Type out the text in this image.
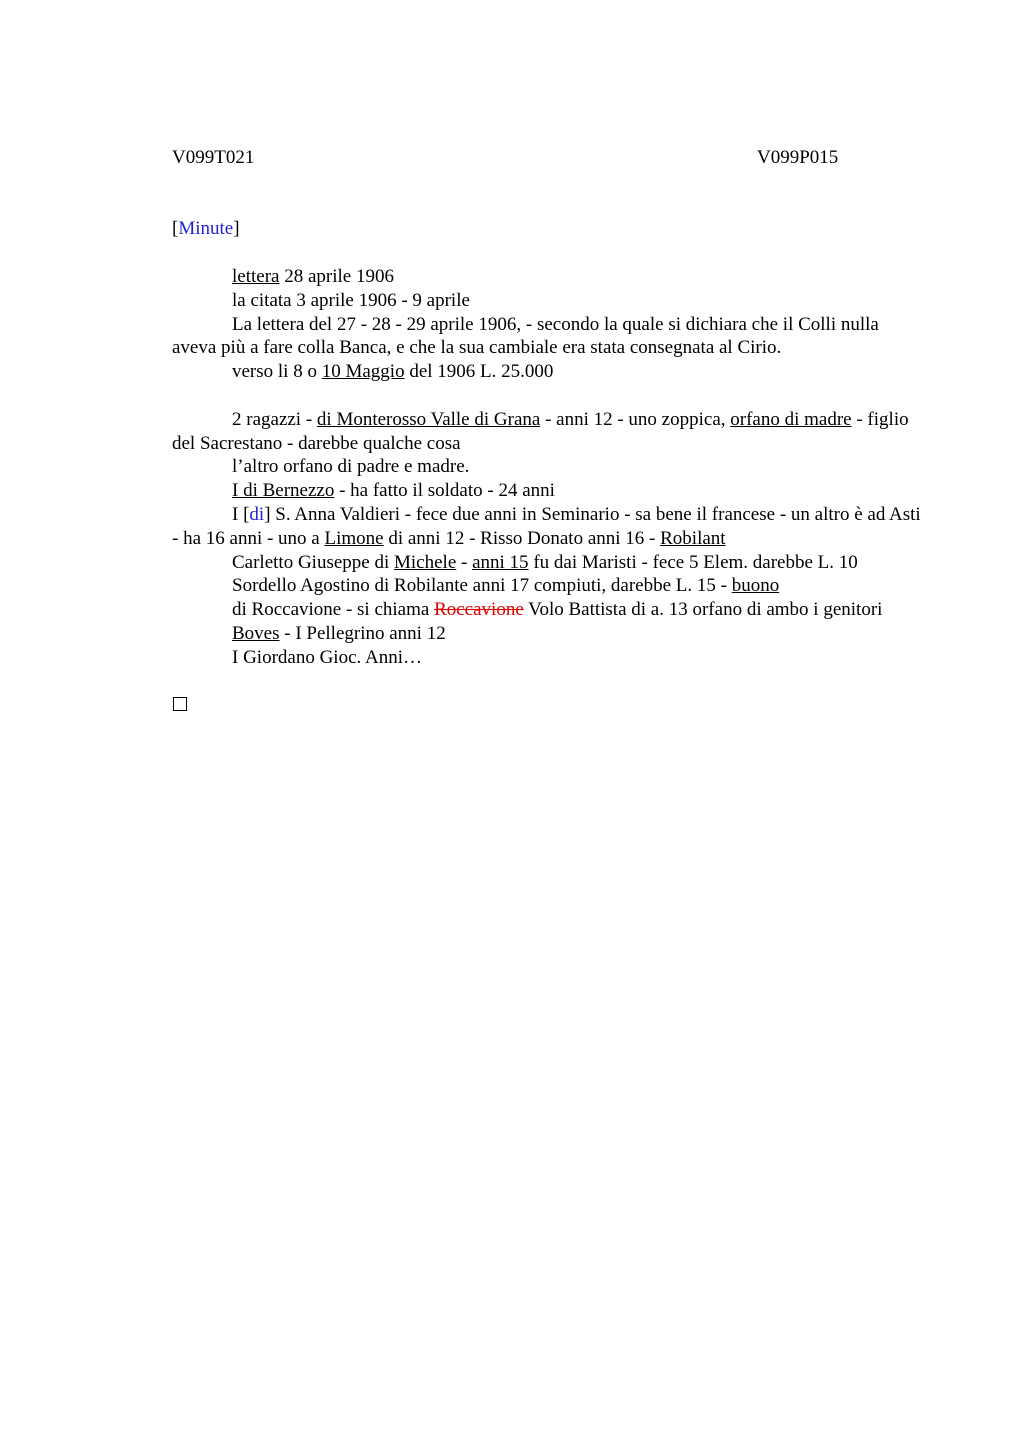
V099T021	V099P015
[Minute]

lettera 28 aprile 1906

la citata 3 aprile 1906 - 9 aprile

La lettera del 27 - 28 - 29 aprile 1906, - secondo la quale si dichiara che il Colli nulla aveva più a fare colla Banca, e che la sua cambiale era stata consegnata al Cirio.

verso li 8 o 10 Maggio del 1906 L. 25.000

2 ragazzi - di Monterosso Valle di Grana - anni 12 - uno zoppica, orfano di madre - figlio del Sacrestano - darebbe qualche cosa

l’altro orfano di padre e madre.

I di Bernezzo - ha fatto il soldato - 24 anni

I [di] S. Anna Valdieri - fece due anni in Seminario - sa bene il francese - un altro è ad Asti - ha 16 anni - uno a Limone di anni 12 - Risso Donato anni 16 - Robilant

Carletto Giuseppe di Michele - anni 15 fu dai Maristi - fece 5 Elem. darebbe L. 10

Sordello Agostino di Robilante anni 17 compiuti, darebbe L. 15 - buono

di Roccavione - si chiama Roccavione Volo Battista di a. 13 orfano di ambo i genitori

Boves - I Pellegrino anni 12

I Giordano Gioc. Anni…
